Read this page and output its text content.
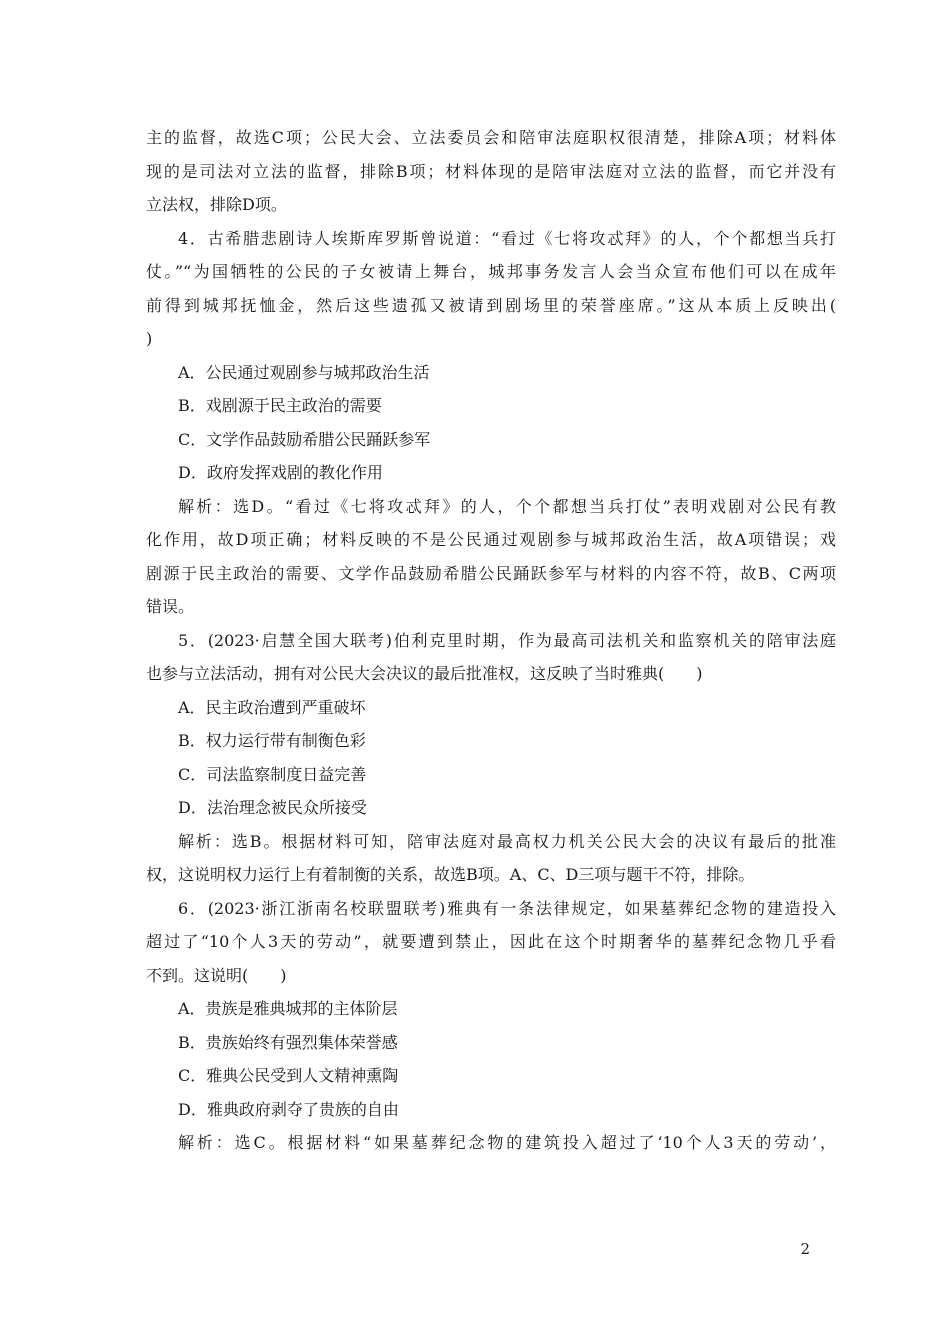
主的监督，故选C项；公民大会、立法委员会和陪审法庭职权很清楚，排除A项；材料体
现的是司法对立法的监督，排除B项；材料体现的是陪审法庭对立法的监督，而它并没有
立法权，排除D项。
4．古希腊悲剧诗人埃斯库罗斯曾说道：“看过《七将攻忒拜》的人，个个都想当兵打
仗。”“为国牺牲的公民的子女被请上舞台，城邦事务发言人会当众宣布他们可以在成年
前得到城邦抚恤金，然后这些遗孤又被请到剧场里的荣誉座席。”这从本质上反映出(
)
A．公民通过观剧参与城邦政治生活
B．戏剧源于民主政治的需要
C．文学作品鼓励希腊公民踊跃参军
D．政府发挥戏剧的教化作用
解析：选D。“看过《七将攻忒拜》的人，个个都想当兵打仗”表明戏剧对公民有教
化作用，故D项正确；材料反映的不是公民通过观剧参与城邦政治生活，故A项错误；戏
剧源于民主政治的需要、文学作品鼓励希腊公民踊跃参军与材料的内容不符，故B、C两项
错误。
5．(2023·启慧全国大联考)伯利克里时期，作为最高司法机关和监察机关的陪审法庭
也参与立法活动，拥有对公民大会决议的最后批准权，这反映了当时雅典(　　)
A．民主政治遭到严重破坏
B．权力运行带有制衡色彩
C．司法监察制度日益完善
D．法治理念被民众所接受
解析：选B。根据材料可知，陪审法庭对最高权力机关公民大会的决议有最后的批准
权，这说明权力运行上有着制衡的关系，故选B项。A、C、D三项与题干不符，排除。
6．(2023·浙江浙南名校联盟联考)雅典有一条法律规定，如果墓葬纪念物的建造投入
超过了“10个人3天的劳动”，就要遭到禁止，因此在这个时期奢华的墓葬纪念物几乎看
不到。这说明(　　)
A．贵族是雅典城邦的主体阶层
B．贵族始终有强烈集体荣誉感
C．雅典公民受到人文精神熏陶
D．雅典政府剥夺了贵族的自由
解析：选C。根据材料“如果墓葬纪念物的建筑投入超过了‘10个人3天的劳动’，
2
